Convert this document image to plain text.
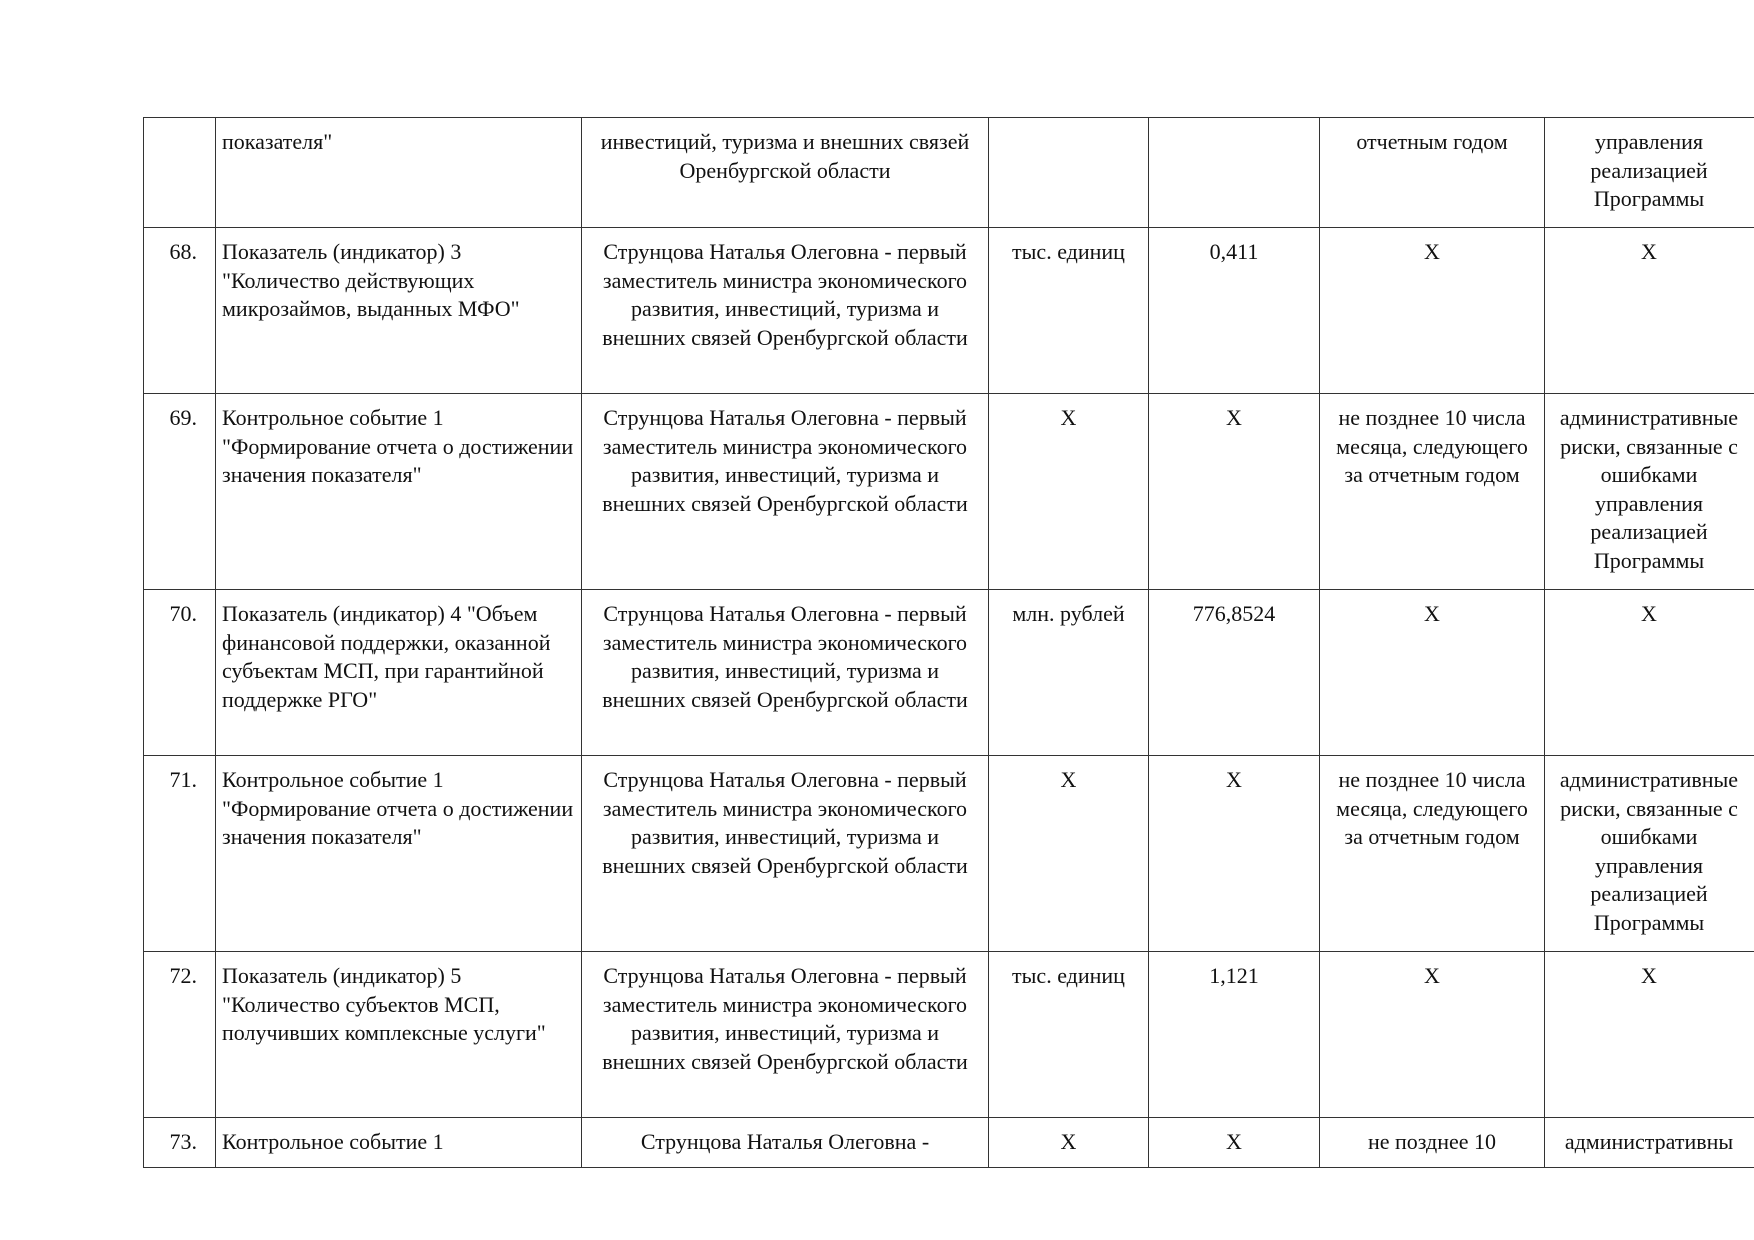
	показателя"	инвестиций, туризма и внешних связей Оренбургской области			отчетным годом	управления реализацией Программы
68.	Показатель (индикатор) 3 "Количество действующих микрозаймов, выданных МФО"	Струнцова Наталья Олеговна - первый заместитель министра экономического развития, инвестиций, туризма и внешних связей Оренбургской области	тыс. единиц	0,411	X	X
69.	Контрольное событие 1 "Формирование отчета о достижении значения показателя"	Струнцова Наталья Олеговна - первый заместитель министра экономического развития, инвестиций, туризма и внешних связей Оренбургской области	X	X	не позднее 10 числа месяца, следующего за отчетным годом	административные риски, связанные с ошибками управления реализацией Программы
70.	Показатель (индикатор) 4 "Объем финансовой поддержки, оказанной субъектам МСП, при гарантийной поддержке РГО"	Струнцова Наталья Олеговна - первый заместитель министра экономического развития, инвестиций, туризма и внешних связей Оренбургской области	млн. рублей	776,8524	X	X
71.	Контрольное событие 1 "Формирование отчета о достижении значения показателя"	Струнцова Наталья Олеговна - первый заместитель министра экономического развития, инвестиций, туризма и внешних связей Оренбургской области	X	X	не позднее 10 числа месяца, следующего за отчетным годом	административные риски, связанные с ошибками управления реализацией Программы
72.	Показатель (индикатор) 5 "Количество субъектов МСП, получивших комплексные услуги"	Струнцова Наталья Олеговна - первый заместитель министра экономического развития, инвестиций, туризма и внешних связей Оренбургской области	тыс. единиц	1,121	X	X
73.	Контрольное событие 1	Струнцова Наталья Олеговна -	X	X	не позднее 10	административны
